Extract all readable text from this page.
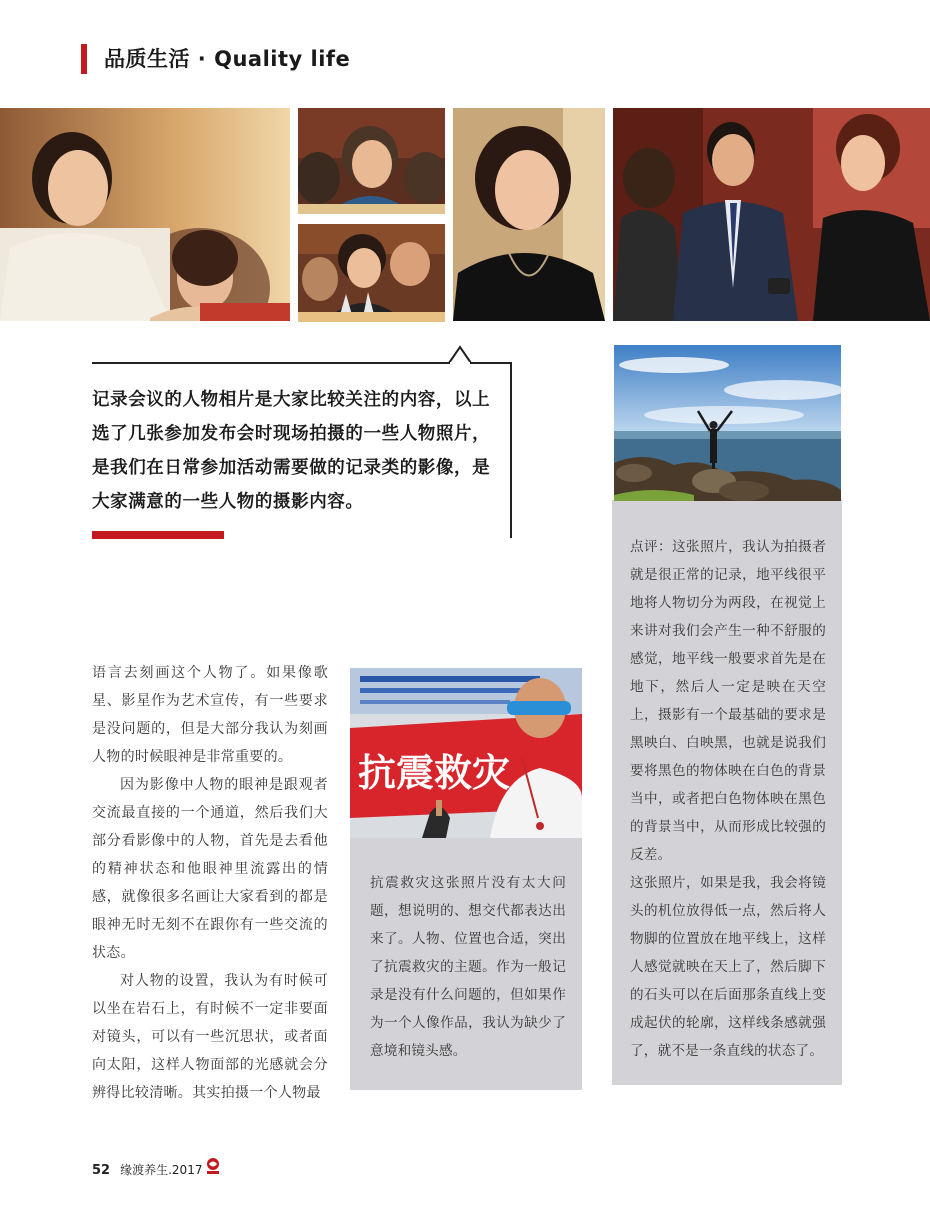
品质生活 · Quality life
记录会议的人物相片是大家比较关注的内容，以上选了几张参加发布会时现场拍摄的一些人物照片，是我们在日常参加活动需要做的记录类的影像，是大家满意的一些人物的摄影内容。

点评：这张照片，我认为拍摄者就是很正常的记录，地平线很平地将人物切分为两段，在视觉上来讲对我们会产生一种不舒服的感觉，地平线一般要求首先是在地下，然后人一定是映在天空上，摄影有一个最基础的要求是黑映白、白映黑，也就是说我们要将黑色的物体映在白色的背景当中，或者把白色物体映在黑色的背景当中，从而形成比较强的反差。

这张照片，如果是我，我会将镜头的机位放得低一点，然后将人物脚的位置放在地平线上，这样人感觉就映在天上了，然后脚下的石头可以在后面那条直线上变成起伏的轮廓，这样线条感就强了，就不是一条直线的状态了。

抗震救灾
抗震救灾这张照片没有太大问题，想说明的、想交代都表达出来了。人物、位置也合适，突出了抗震救灾的主题。作为一般记录是没有什么问题的，但如果作为一个人像作品，我认为缺少了意境和镜头感。

语言去刻画这个人物了。如果像歌星、影星作为艺术宣传，有一些要求是没问题的，但是大部分我认为刻画人物的时候眼神是非常重要的。

因为影像中人物的眼神是跟观者交流最直接的一个通道，然后我们大部分看影像中的人物，首先是去看他的精神状态和他眼神里流露出的情感，就像很多名画让大家看到的都是眼神无时无刻不在跟你有一些交流的状态。

对人物的设置，我认为有时候可以坐在岩石上，有时候不一定非要面对镜头，可以有一些沉思状，或者面向太阳，这样人物面部的光感就会分辨得比较清晰。其实拍摄一个人物最

52 缘渡养生.2017
